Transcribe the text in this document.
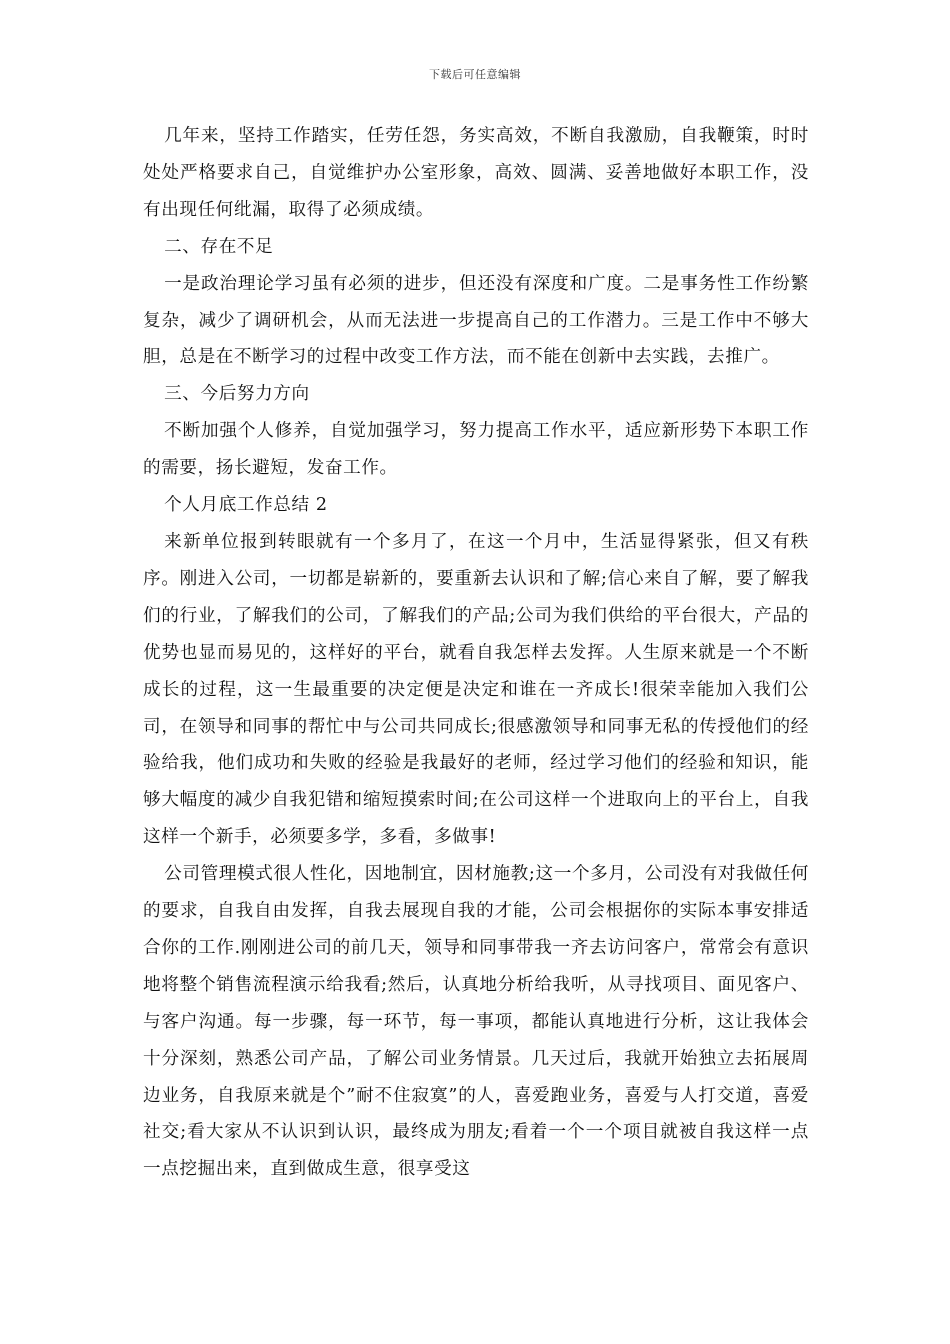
下载后可任意编辑

几年来，坚持工作踏实，任劳任怨，务实高效，不断自我激励，自我鞭策，时时处处严格要求自己，自觉维护办公室形象，高效、圆满、妥善地做好本职工作，没有出现任何纰漏，取得了必须成绩。

二、存在不足

一是政治理论学习虽有必须的进步，但还没有深度和广度。二是事务性工作纷繁复杂，减少了调研机会，从而无法进一步提高自己的工作潜力。三是工作中不够大胆，总是在不断学习的过程中改变工作方法，而不能在创新中去实践，去推广。

三、今后努力方向

不断加强个人修养，自觉加强学习，努力提高工作水平，适应新形势下本职工作的需要，扬长避短，发奋工作。

个人月底工作总结 2

来新单位报到转眼就有一个多月了，在这一个月中，生活显得紧张，但又有秩序。刚进入公司，一切都是崭新的，要重新去认识和了解;信心来自了解，要了解我们的行业，了解我们的公司，了解我们的产品;公司为我们供给的平台很大，产品的优势也显而易见的，这样好的平台，就看自我怎样去发挥。人生原来就是一个不断成长的过程，这一生最重要的决定便是决定和谁在一齐成长!很荣幸能加入我们公司，在领导和同事的帮忙中与公司共同成长;很感激领导和同事无私的传授他们的经验给我，他们成功和失败的经验是我最好的老师，经过学习他们的经验和知识，能够大幅度的减少自我犯错和缩短摸索时间;在公司这样一个进取向上的平台上，自我这样一个新手，必须要多学，多看，多做事!

公司管理模式很人性化，因地制宜，因材施教;这一个多月，公司没有对我做任何的要求，自我自由发挥，自我去展现自我的才能，公司会根据你的实际本事安排适合你的工作.刚刚进公司的前几天，领导和同事带我一齐去访问客户，常常会有意识地将整个销售流程演示给我看;然后，认真地分析给我听，从寻找项目、面见客户、与客户沟通。每一步骤，每一环节，每一事项，都能认真地进行分析，这让我体会十分深刻，熟悉公司产品，了解公司业务情景。几天过后，我就开始独立去拓展周边业务，自我原来就是个”耐不住寂寞”的人，喜爱跑业务，喜爱与人打交道，喜爱社交;看大家从不认识到认识，最终成为朋友;看着一个一个项目就被自我这样一点一点挖掘出来，直到做成生意，很享受这
